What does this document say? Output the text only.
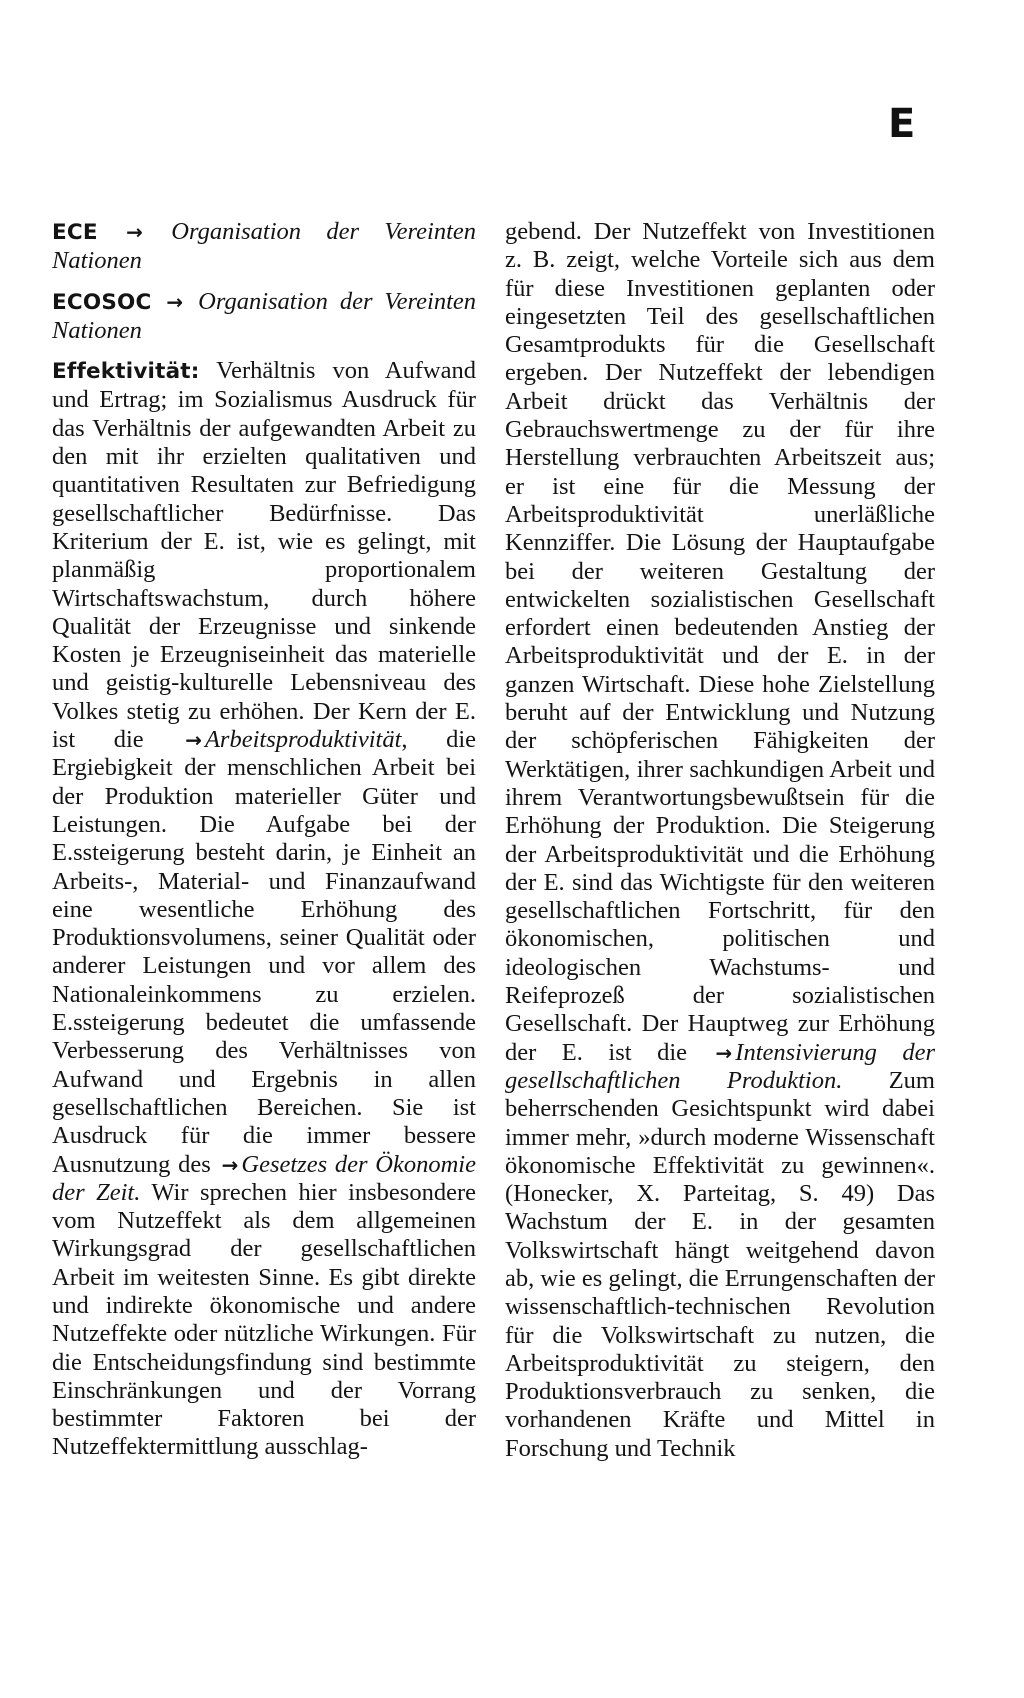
E

ECE → Organisation der Vereinten Nationen

ECOSOC → Organisation der Vereinten Nationen

Effektivität: Verhältnis von Aufwand und Ertrag; im Sozialismus Ausdruck für das Verhältnis der aufgewandten Arbeit zu den mit ihr erzielten qualitativen und quantitativen Resultaten zur Befriedigung gesellschaftlicher Bedürfnisse. Das Kriterium der E. ist, wie es gelingt, mit planmäßig proportionalem Wirtschaftswachstum, durch höhere Qualität der Erzeugnisse und sinkende Kosten je Erzeugniseinheit das materielle und geistig-kulturelle Lebensniveau des Volkes stetig zu erhöhen. Der Kern der E. ist die → Arbeitsproduktivität, die Ergiebigkeit der menschlichen Arbeit bei der Produktion materieller Güter und Leistungen. Die Aufgabe bei der E.ssteigerung besteht darin, je Einheit an Arbeits-, Material- und Finanzaufwand eine wesentliche Erhöhung des Produktionsvolumens, seiner Qualität oder anderer Leistungen und vor allem des Nationaleinkommens zu erzielen. E.ssteigerung bedeutet die umfassende Verbesserung des Verhältnisses von Aufwand und Ergebnis in allen gesellschaftlichen Bereichen. Sie ist Ausdruck für die immer bessere Ausnutzung des → Gesetzes der Ökonomie der Zeit. Wir sprechen hier insbesondere vom Nutzeffekt als dem allgemeinen Wirkungsgrad der gesellschaftlichen Arbeit im weitesten Sinne. Es gibt direkte und indirekte ökonomische und andere Nutzeffekte oder nützliche Wirkungen. Für die Entscheidungsfindung sind bestimmte Einschränkungen und der Vorrang bestimmter Faktoren bei der Nutzeffektermittlung ausschlag-

gebend. Der Nutzeffekt von Investitionen z. B. zeigt, welche Vorteile sich aus dem für diese Investitionen geplanten oder eingesetzten Teil des gesellschaftlichen Gesamtprodukts für die Gesellschaft ergeben. Der Nutzeffekt der lebendigen Arbeit drückt das Verhältnis der Gebrauchswertmenge zu der für ihre Herstellung verbrauchten Arbeitszeit aus; er ist eine für die Messung der Arbeitsproduktivität unerläßliche Kennziffer. Die Lösung der Hauptaufgabe bei der weiteren Gestaltung der entwickelten sozialistischen Gesellschaft erfordert einen bedeutenden Anstieg der Arbeitsproduktivität und der E. in der ganzen Wirtschaft. Diese hohe Zielstellung beruht auf der Entwicklung und Nutzung der schöpferischen Fähigkeiten der Werktätigen, ihrer sachkundigen Arbeit und ihrem Verantwortungsbewußtsein für die Erhöhung der Produktion. Die Steigerung der Arbeitsproduktivität und die Erhöhung der E. sind das Wichtigste für den weiteren gesellschaftlichen Fortschritt, für den ökonomischen, politischen und ideologischen Wachstums- und Reifeprozeß der sozialistischen Gesellschaft. Der Hauptweg zur Erhöhung der E. ist die → Intensivierung der gesellschaftlichen Produktion. Zum beherrschenden Gesichtspunkt wird dabei immer mehr, »durch moderne Wissenschaft ökonomische Effektivität zu gewinnen«. (Honecker, X. Parteitag, S. 49) Das Wachstum der E. in der gesamten Volkswirtschaft hängt weitgehend davon ab, wie es gelingt, die Errungenschaften der wissenschaftlich-technischen Revolution für die Volkswirtschaft zu nutzen, die Arbeitsproduktivität zu steigern, den Produktionsverbrauch zu senken, die vorhandenen Kräfte und Mittel in Forschung und Technik
